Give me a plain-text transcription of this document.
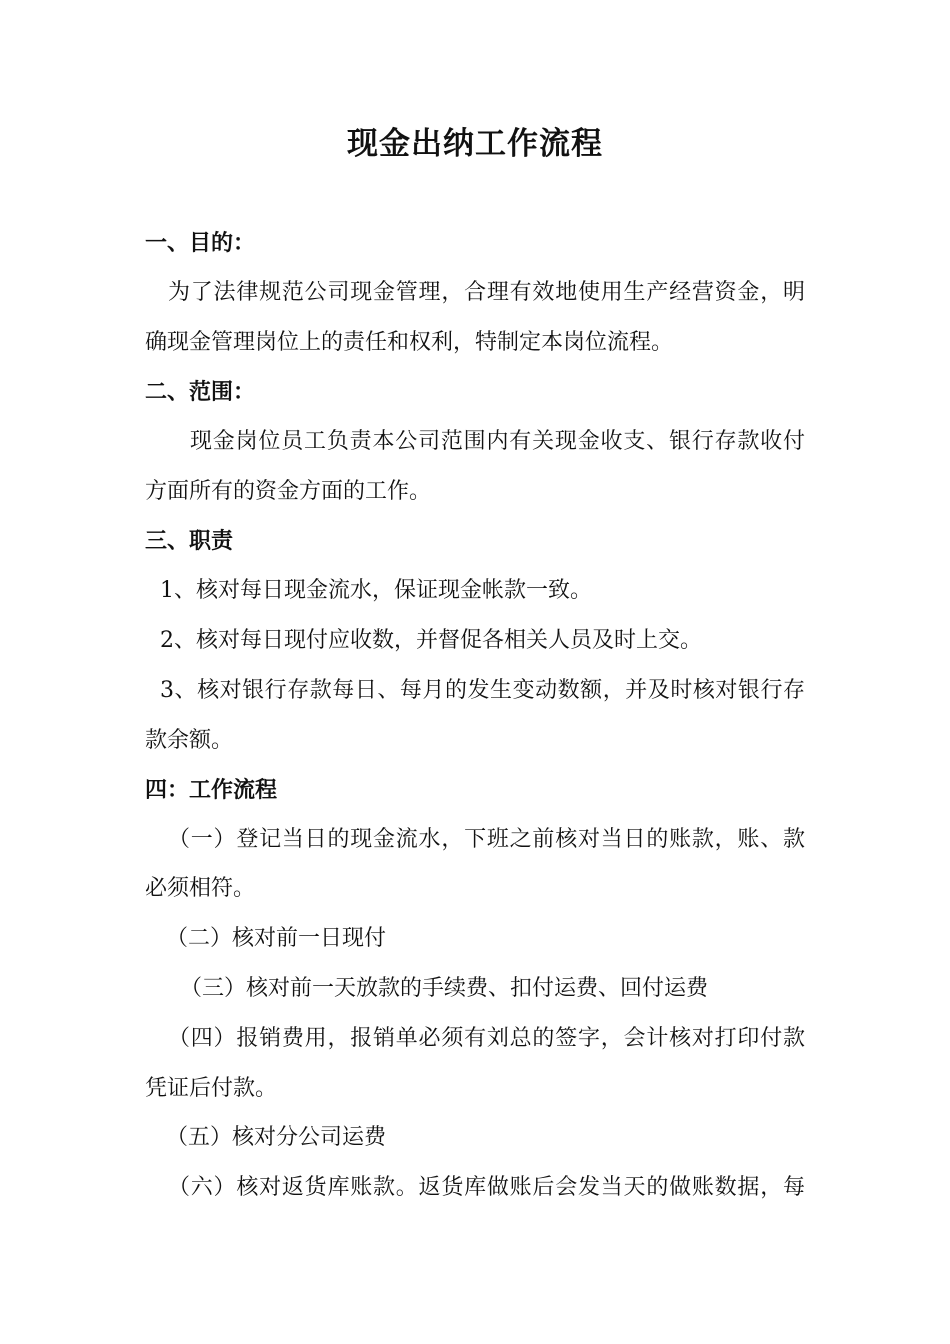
现金出纳工作流程
一、目的：
为了法律规范公司现金管理，合理有效地使用生产经营资金，明
确现金管理岗位上的责任和权利，特制定本岗位流程。
二、范围：
现金岗位员工负责本公司范围内有关现金收支、银行存款收付
方面所有的资金方面的工作。
三、职责
1、核对每日现金流水，保证现金帐款一致。
2、核对每日现付应收数，并督促各相关人员及时上交。
3、核对银行存款每日、每月的发生变动数额，并及时核对银行存
款余额。
四：工作流程
（一）登记当日的现金流水，下班之前核对当日的账款，账、款
必须相符。
（二）核对前一日现付
（三）核对前一天放款的手续费、扣付运费、回付运费
（四）报销费用，报销单必须有刘总的签字，会计核对打印付款
凭证后付款。
（五）核对分公司运费
（六）核对返货库账款。返货库做账后会发当天的做账数据，每
